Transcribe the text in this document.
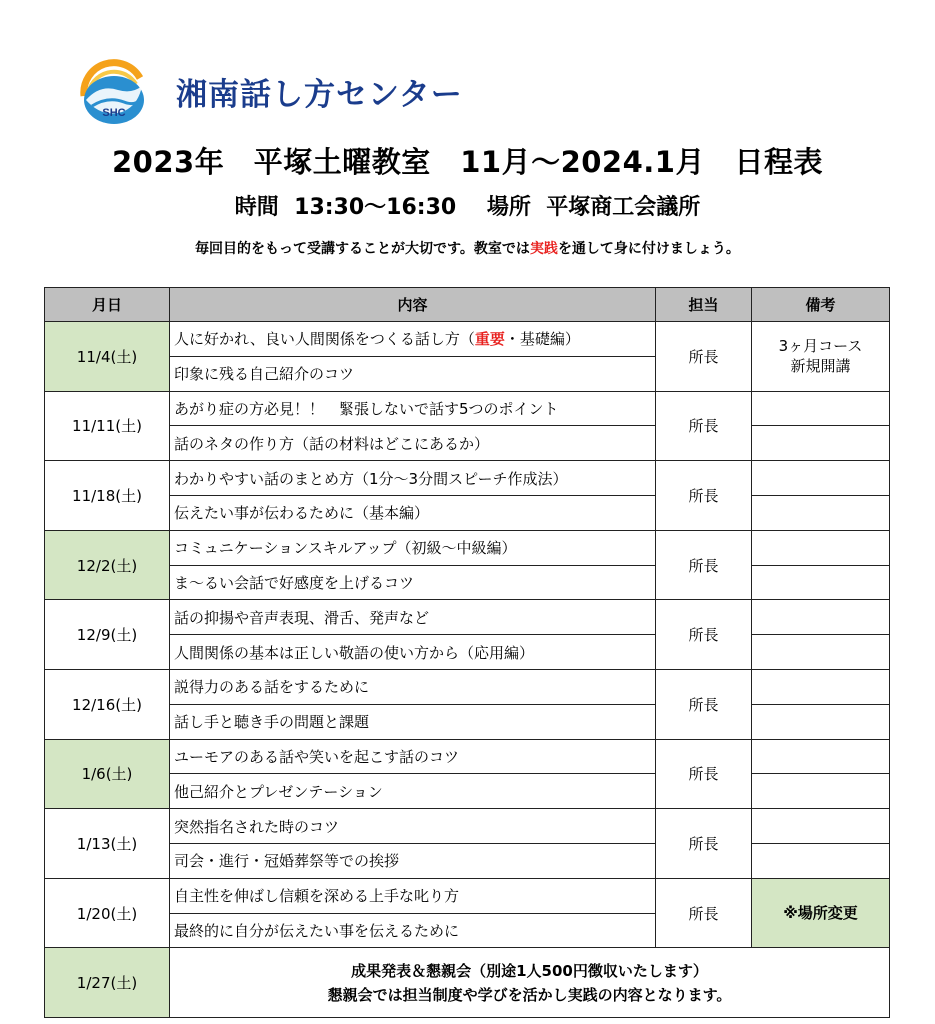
SHC
湘南話し方センター
2023年　平塚土曜教室　11月～2024.1月　日程表
時間 13:30～16:30 場所 平塚商工会議所
毎回目的をもって受講することが大切です。教室では実践を通して身に付けましょう。
月日	内容	担当	備考
11/4(土)	人に好かれ、良い人間関係をつくる話し方（重要・基礎編）	所長	3ヶ月コース
新規開講

	印象に残る自己紹介のコツ		
11/11(土)	あがり症の方必見！！　緊張しないで話す5つのポイント	所長	
	話のネタの作り方（話の材料はどこにあるか）		
11/18(土)	わかりやすい話のまとめ方（1分～3分間スピーチ作成法）	所長	
	伝えたい事が伝わるために（基本編）		
12/2(土)	コミュニケーションスキルアップ（初級～中級編）	所長	
	ま～るい会話で好感度を上げるコツ		
12/9(土)	話の抑揚や音声表現、滑舌、発声など	所長	
	人間関係の基本は正しい敬語の使い方から（応用編）		
12/16(土)	説得力のある話をするために	所長	
	話し手と聴き手の問題と課題		
1/6(土)	ユーモアのある話や笑いを起こす話のコツ	所長	
	他己紹介とプレゼンテーション		
1/13(土)	突然指名された時のコツ	所長	
	司会・進行・冠婚葬祭等での挨拶		
1/20(土)	自主性を伸ばし信頼を深める上手な叱り方	所長	※場所変更
	最終的に自分が伝えたい事を伝えるために		
1/27(土)	成果発表＆懇親会（別途1人500円徴収いたします）
懇親会では担当制度や学びを活かし実践の内容となります。		
